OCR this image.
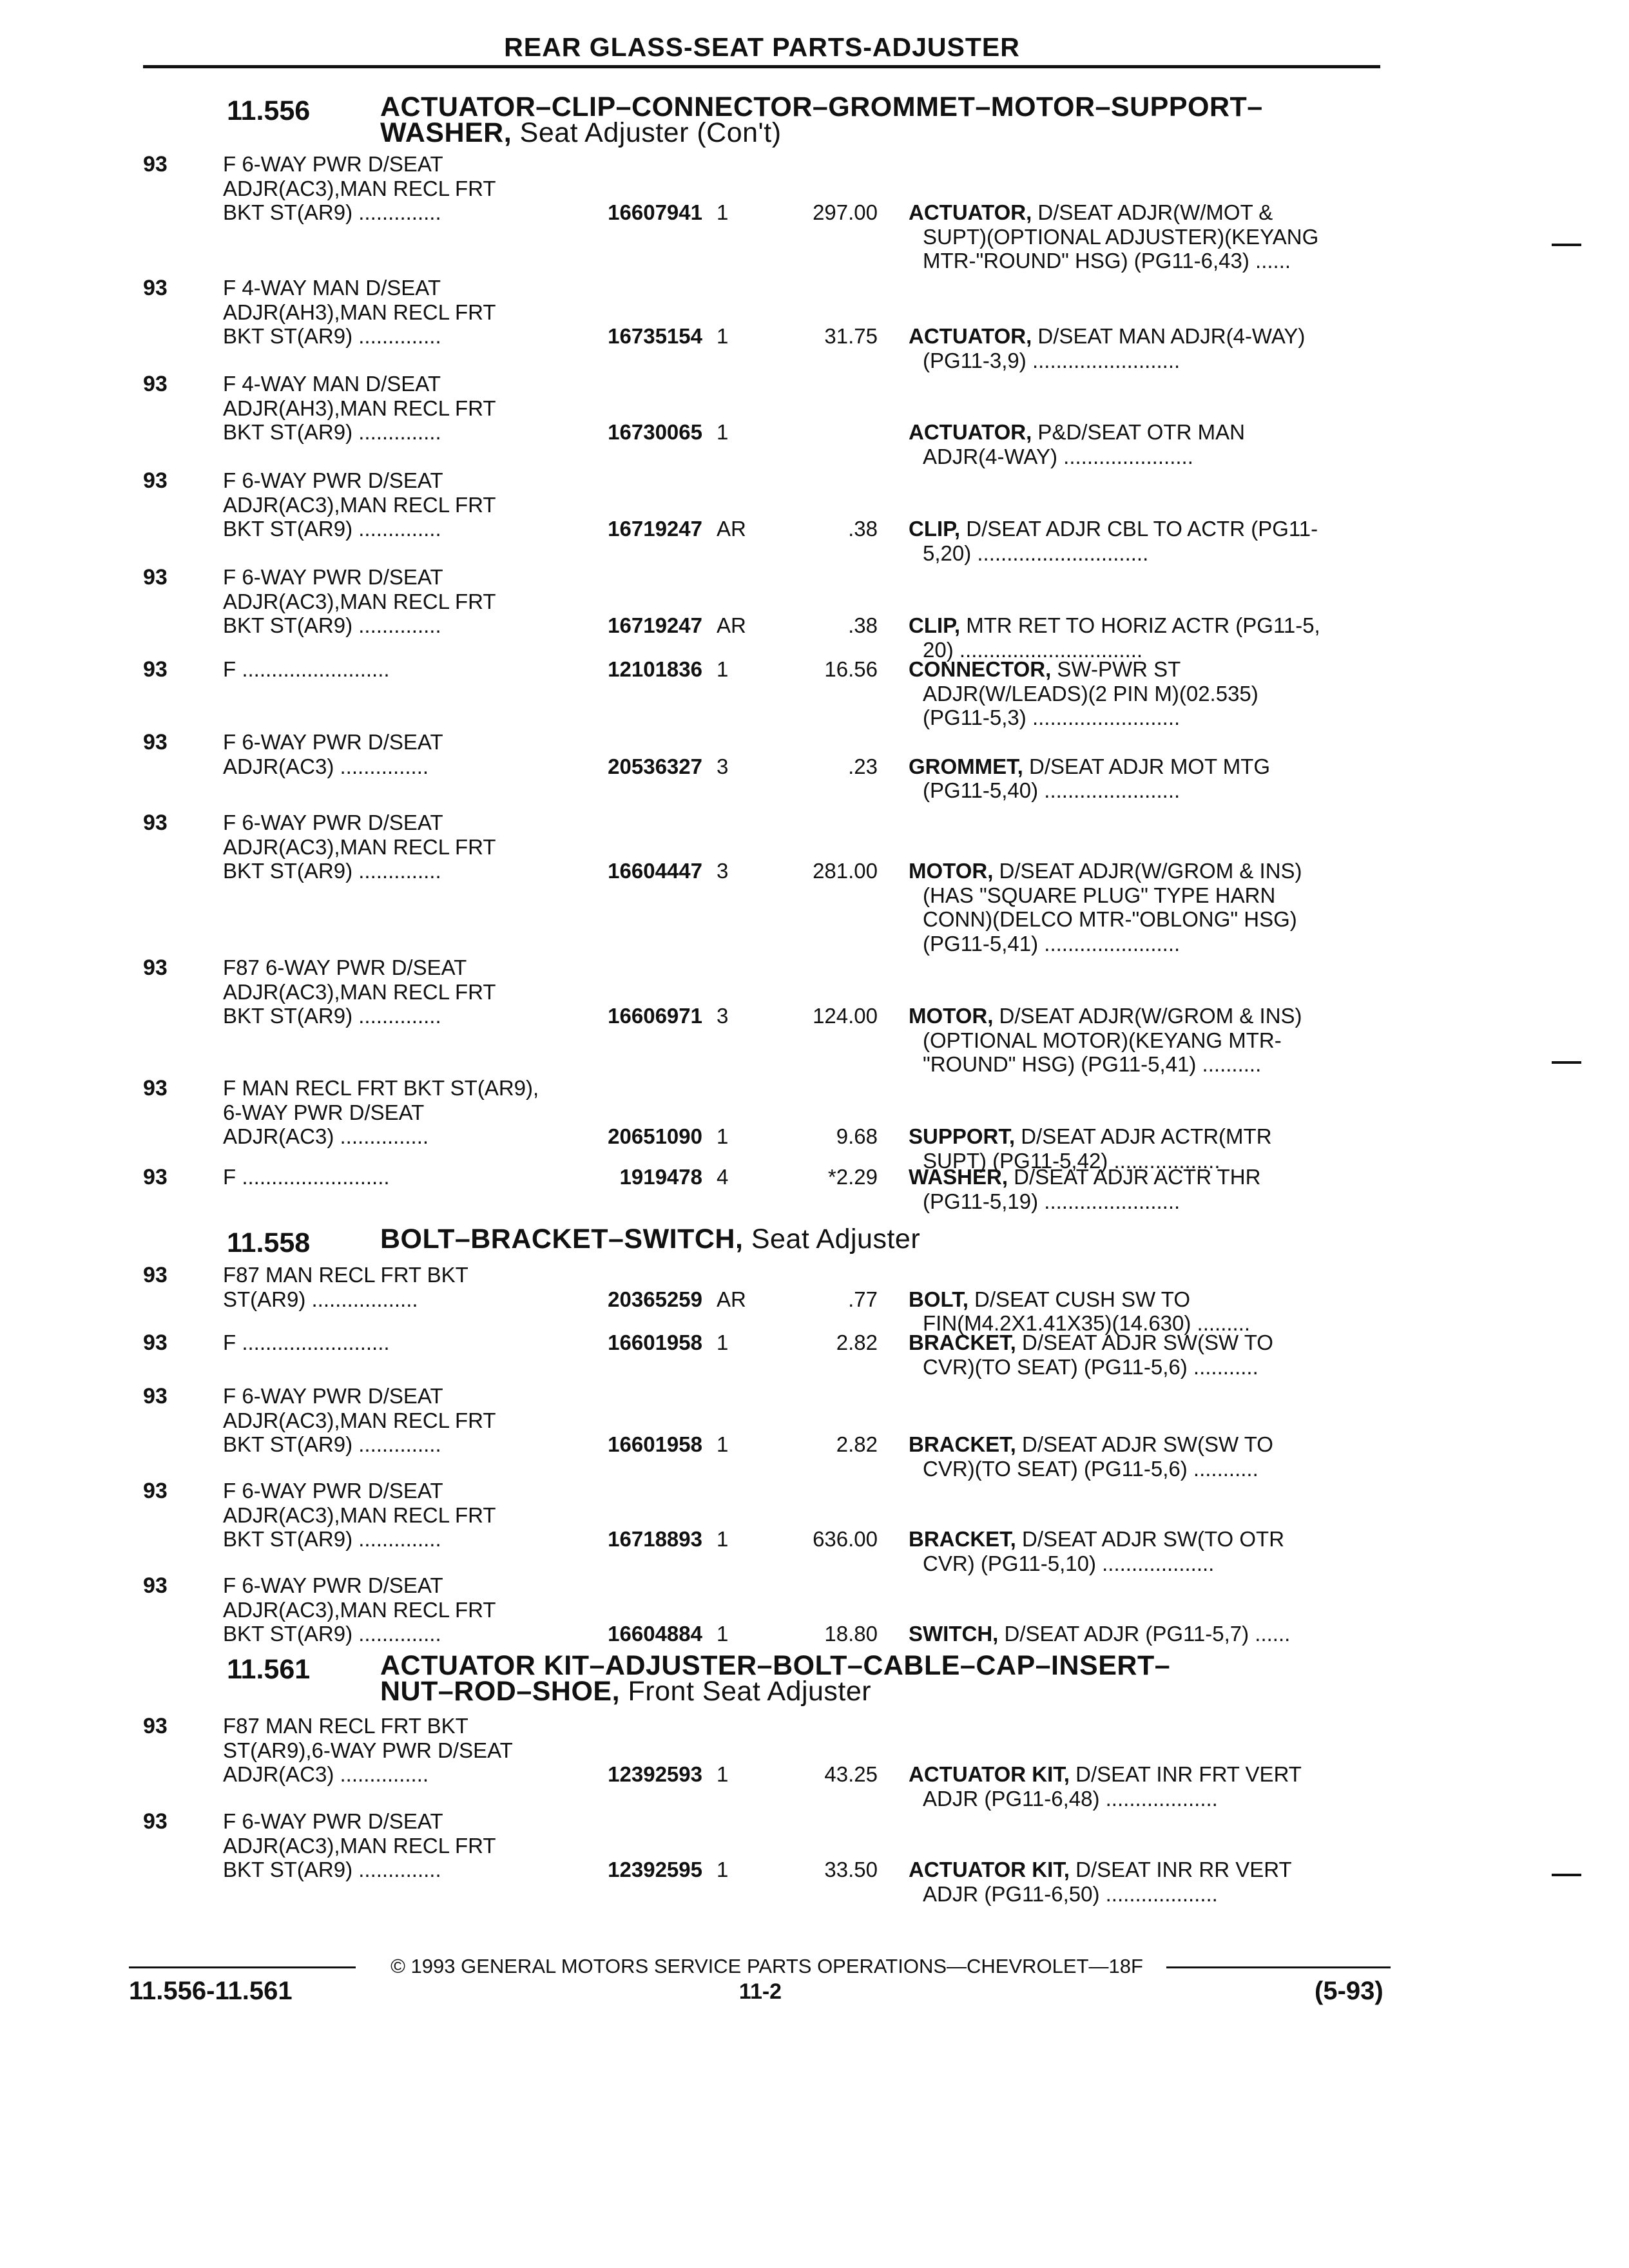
REAR GLASS-SEAT PARTS-ADJUSTER
11.556	ACTUATOR–CLIP–CONNECTOR–GROMMET–MOTOR–SUPPORT–
WASHER, Seat Adjuster (Con't)
93	F 6-WAY PWR D/SEAT
ADJR(AC3),MAN RECL FRT
BKT ST(AR9) ..............	16607941 1	297.00 ACTUATOR, D/SEAT ADJR(W/MOT &
SUPT)(OPTIONAL ADJUSTER)(KEYANG
MTR-"ROUND" HSG) (PG11-6,43) ......
93	F 4-WAY MAN D/SEAT
ADJR(AH3),MAN RECL FRT
BKT ST(AR9) ..............	16735154 1	31.75 ACTUATOR, D/SEAT MAN ADJR(4-WAY)
(PG11-3,9) .........................
93	F 4-WAY MAN D/SEAT
ADJR(AH3),MAN RECL FRT
BKT ST(AR9) ..............	16730065 1	ACTUATOR, P&D/SEAT OTR MAN
ADJR(4-WAY) ......................
93	F 6-WAY PWR D/SEAT
ADJR(AC3),MAN RECL FRT
BKT ST(AR9) ..............	16719247 AR	.38 CLIP, D/SEAT ADJR CBL TO ACTR (PG11-
5,20) .............................
93	F 6-WAY PWR D/SEAT
ADJR(AC3),MAN RECL FRT
BKT ST(AR9) ..............	16719247 AR	.38 CLIP, MTR RET TO HORIZ ACTR (PG11-5,
20) ...............................
93	F .........................	12101836 1	16.56 CONNECTOR, SW-PWR ST
ADJR(W/LEADS)(2 PIN M)(02.535)
(PG11-5,3) .........................
93	F 6-WAY PWR D/SEAT
ADJR(AC3) ...............	20536327 3	.23 GROMMET, D/SEAT ADJR MOT MTG
(PG11-5,40) .......................
93	F 6-WAY PWR D/SEAT
ADJR(AC3),MAN RECL FRT
BKT ST(AR9) ..............	16604447 3	281.00 MOTOR, D/SEAT ADJR(W/GROM & INS)
(HAS "SQUARE PLUG" TYPE HARN
CONN)(DELCO MTR-"OBLONG" HSG)
(PG11-5,41) .......................
93	F87 6-WAY PWR D/SEAT
ADJR(AC3),MAN RECL FRT
BKT ST(AR9) ..............	16606971 3	124.00 MOTOR, D/SEAT ADJR(W/GROM & INS)
(OPTIONAL MOTOR)(KEYANG MTR-
"ROUND" HSG) (PG11-5,41) ..........
93	F MAN RECL FRT BKT ST(AR9),
6-WAY PWR D/SEAT
ADJR(AC3) ...............	20651090 1	9.68 SUPPORT, D/SEAT ADJR ACTR(MTR
SUPT) (PG11-5,42) ..................
93	F .........................	1919478 4	*2.29 WASHER, D/SEAT ADJR ACTR THR
(PG11-5,19) .......................
11.558	BOLT–BRACKET–SWITCH, Seat Adjuster
93	F87 MAN RECL FRT BKT
ST(AR9) ..................	20365259 AR	.77 BOLT, D/SEAT CUSH SW TO
FIN(M4.2X1.41X35)(14.630) .........
93	F .........................	16601958 1	2.82 BRACKET, D/SEAT ADJR SW(SW TO
CVR)(TO SEAT) (PG11-5,6) ...........
93	F 6-WAY PWR D/SEAT
ADJR(AC3),MAN RECL FRT
BKT ST(AR9) ..............	16601958 1	2.82 BRACKET, D/SEAT ADJR SW(SW TO
CVR)(TO SEAT) (PG11-5,6) ...........
93	F 6-WAY PWR D/SEAT
ADJR(AC3),MAN RECL FRT
BKT ST(AR9) ..............	16718893 1	636.00 BRACKET, D/SEAT ADJR SW(TO OTR
CVR) (PG11-5,10) ...................
93	F 6-WAY PWR D/SEAT
ADJR(AC3),MAN RECL FRT
BKT ST(AR9) ..............	16604884 1	18.80 SWITCH, D/SEAT ADJR (PG11-5,7) ......
11.561	ACTUATOR KIT–ADJUSTER–BOLT–CABLE–CAP–INSERT–
NUT–ROD–SHOE, Front Seat Adjuster
93	F87 MAN RECL FRT BKT
ST(AR9),6-WAY PWR D/SEAT
ADJR(AC3) ...............	12392593 1	43.25 ACTUATOR KIT, D/SEAT INR FRT VERT
ADJR (PG11-6,48) ...................
93	F 6-WAY PWR D/SEAT
ADJR(AC3),MAN RECL FRT
BKT ST(AR9) ..............	12392595 1	33.50 ACTUATOR KIT, D/SEAT INR RR VERT
ADJR (PG11-6,50) ...................
© 1993 GENERAL MOTORS SERVICE PARTS OPERATIONS—CHEVROLET—18F
11.556-11.561	11-2	(5-93)
